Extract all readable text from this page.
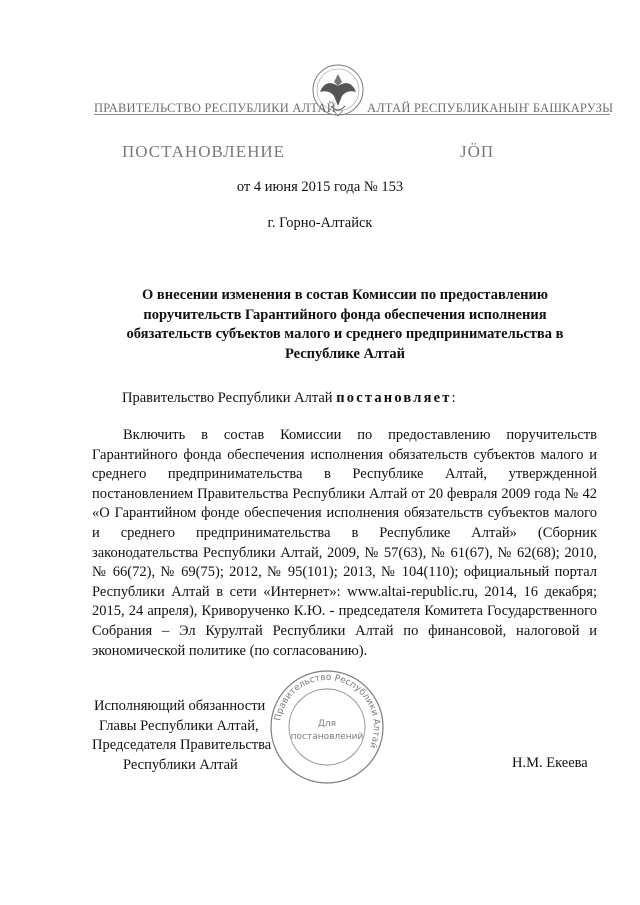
ПРАВИТЕЛЬСТВО РЕСПУБЛИКИ АЛТАЙ АЛТАЙ РЕСПУБЛИКАНЫҤ БАШКАРУЗЫ
ПОСТАНОВЛЕНИЕ	ЈӦП
от 4 июня 2015 года № 153
г. Горно-Алтайск
О внесении изменения в состав Комиссии по предоставлению поручительств Гарантийного фонда обеспечения исполнения обязательств субъектов малого и среднего предпринимательства в Республике Алтай
Правительство Республики Алтай постановляет:
Включить в состав Комиссии по предоставлению поручительств Гарантийного фонда обеспечения исполнения обязательств субъектов малого и среднего предпринимательства в Республике Алтай, утвержденной постановлением Правительства Республики Алтай от 20 февраля 2009 года № 42 «О Гарантийном фонде обеспечения исполнения обязательств субъектов малого и среднего предпринимательства в Республике Алтай» (Сборник законодательства Республики Алтай, 2009, № 57(63), № 61(67), № 62(68); 2010, № 66(72), № 69(75); 2012, № 95(101); 2013, № 104(110); официальный портал Республики Алтай в сети «Интернет»: www.altai-republic.ru, 2014, 16 декабря; 2015, 24 апреля), Криворученко К.Ю. - председателя Комитета Государственного Собрания – Эл Курултай Республики Алтай по финансовой, налоговой и экономической политике (по согласованию).
Исполняющий обязанности
Главы Республики Алтай,
Председателя Правительства
Республики Алтай
Правительство Республики Алтай
Для
постановлений
Н.М. Екеева
